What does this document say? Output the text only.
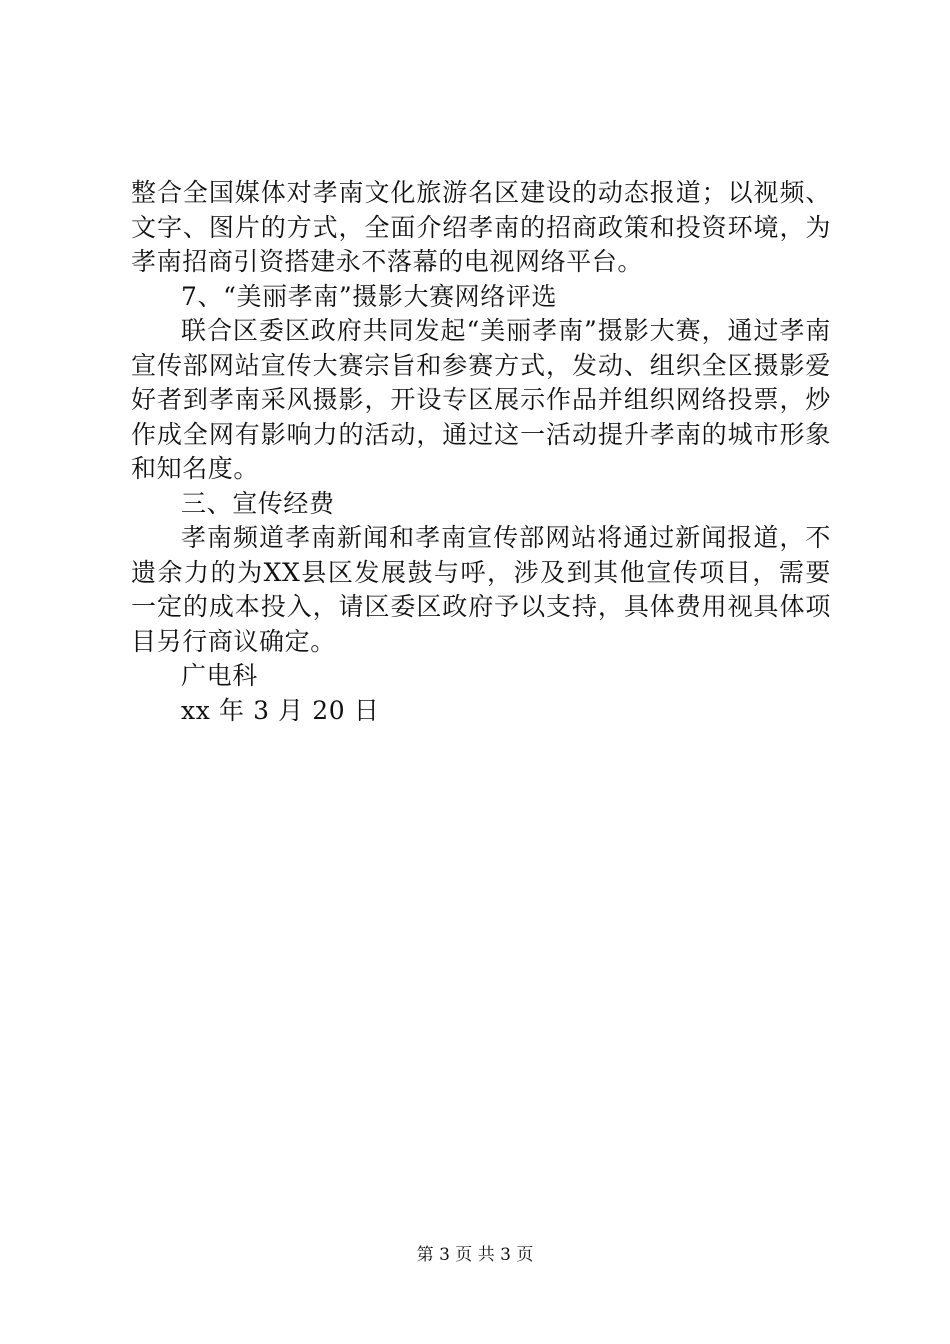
整合全国媒体对孝南文化旅游名区建设的动态报道；以视频、文字、图片的方式，全面介绍孝南的招商政策和投资环境，为孝南招商引资搭建永不落幕的电视网络平台。

7、“美丽孝南”摄影大赛网络评选

联合区委区政府共同发起“美丽孝南”摄影大赛，通过孝南宣传部网站宣传大赛宗旨和参赛方式，发动、组织全区摄影爱好者到孝南采风摄影，开设专区展示作品并组织网络投票，炒作成全网有影响力的活动，通过这一活动提升孝南的城市形象和知名度。

三、宣传经费

孝南频道孝南新闻和孝南宣传部网站将通过新闻报道，不遗余力的为XX县区发展鼓与呼，涉及到其他宣传项目，需要一定的成本投入，请区委区政府予以支持，具体费用视具体项目另行商议确定。

广电科

xx 年 3 月 20 日

第 3 页 共 3 页
